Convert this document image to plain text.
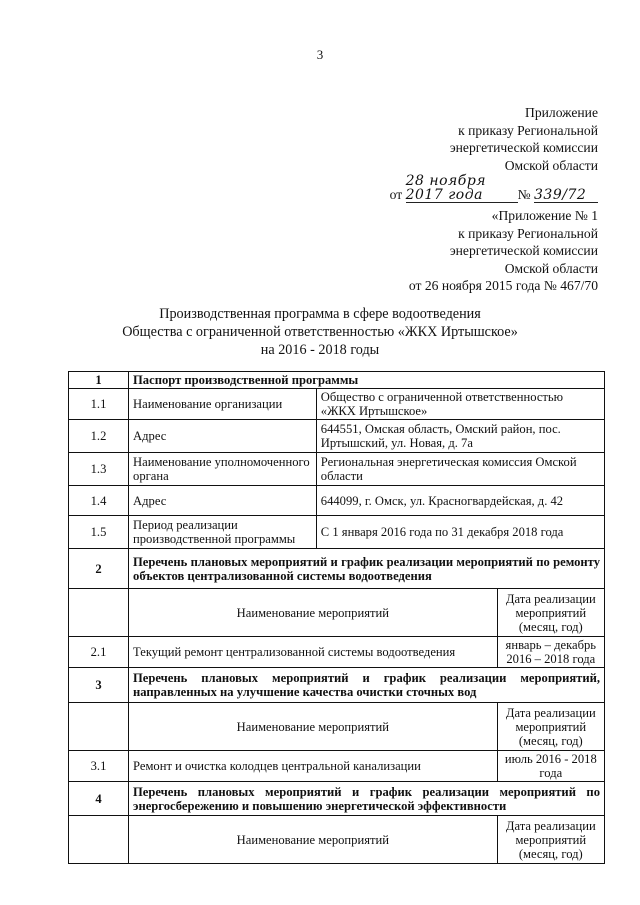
3
Приложение
к приказу Региональной
энергетической комиссии
Омской области
от 28 ноября 2017 года	№ 339/72
«Приложение № 1
к приказу Региональной
энергетической комиссии
Омской области
от 26 ноября 2015 года № 467/70
Производственная программа в сфере водоотведения
Общества с ограниченной ответственностью «ЖКХ Иртышское»
на 2016 - 2018 годы
1	Паспорт производственной программы		
1.1	Наименование организации	Общество с ограниченной ответственностью «ЖКХ Иртышское»	
1.2	Адрес	644551, Омская область, Омский район, пос. Иртышский, ул. Новая, д. 7а	
1.3	Наименование уполномоченного органа	Региональная энергетическая комиссия Омской области	
1.4	Адрес	644099, г. Омск, ул. Красногвардейская, д. 42	
1.5	Период реализации производственной программы	С 1 января 2016 года по 31 декабря 2018 года	
2	Перечень плановых мероприятий и график реализации мероприятий по ремонту объектов централизованной системы водоотведения		
	Наименование мероприятий		Дата реализации мероприятий (месяц, год)
2.1	Текущий ремонт централизованной системы водоотведения		январь – декабрь 2016 – 2018 года
3	Перечень плановых мероприятий и график реализации мероприятий, направленных на улучшение качества очистки сточных вод		
	Наименование мероприятий		Дата реализации мероприятий (месяц, год)
3.1	Ремонт и очистка колодцев центральной канализации		июль 2016 - 2018 года
4	Перечень плановых мероприятий и график реализации мероприятий по энергосбережению и повышению энергетической эффективности		
	Наименование мероприятий		Дата реализации мероприятий (месяц, год)
